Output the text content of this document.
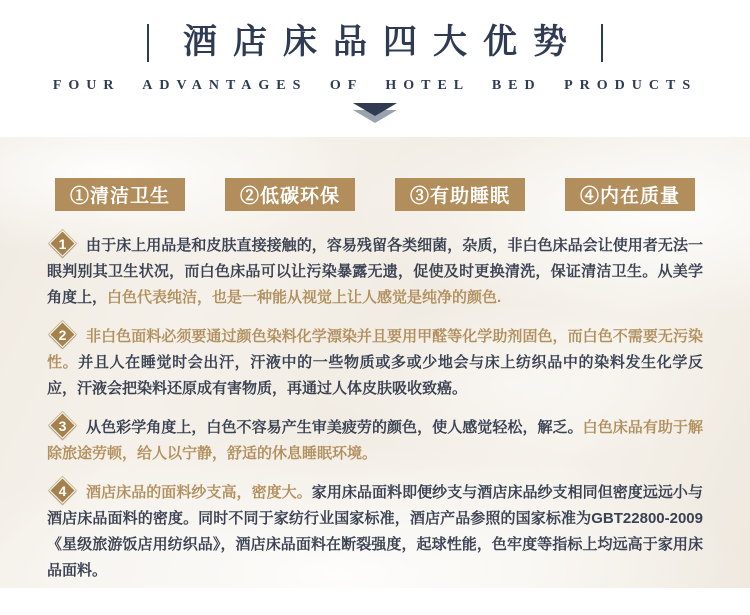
酒店床品四大优势
FOUR ADVANTAGES OF HOTEL BED PRODUCTS
①清洁卫生	②低碳环保	③有助睡眠	④内在质量
1	由于床上用品是和皮肤直接接触的，容易残留各类细菌，杂质，非白色床品会让使用者无法一眼判别其卫生状况，而白色床品可以让污染暴露无遗，促使及时更换清洗，保证清洁卫生。从美学角度上，白色代表纯洁，也是一种能从视觉上让人感觉是纯净的颜色.
2	非白色面料必须要通过颜色染料化学漂染并且要用甲醛等化学助剂固色，而白色不需要无污染性。并且人在睡觉时会出汗，汗液中的一些物质或多或少地会与床上纺织品中的染料发生化学反应，汗液会把染料还原成有害物质，再通过人体皮肤吸收致癌。
3	从色彩学角度上，白色不容易产生审美疲劳的颜色，使人感觉轻松，解乏。白色床品有助于解除旅途劳顿，给人以宁静，舒适的休息睡眠环境。
4	酒店床品的面料纱支高，密度大。家用床品面料即便纱支与酒店床品纱支相同但密度远远小与酒店床品面料的密度。同时不同于家纺行业国家标准，酒店产品参照的国家标准为GBT22800-2009《星级旅游饭店用纺织品》，酒店床品面料在断裂强度，起球性能，色牢度等指标上均远高于家用床品面料。
